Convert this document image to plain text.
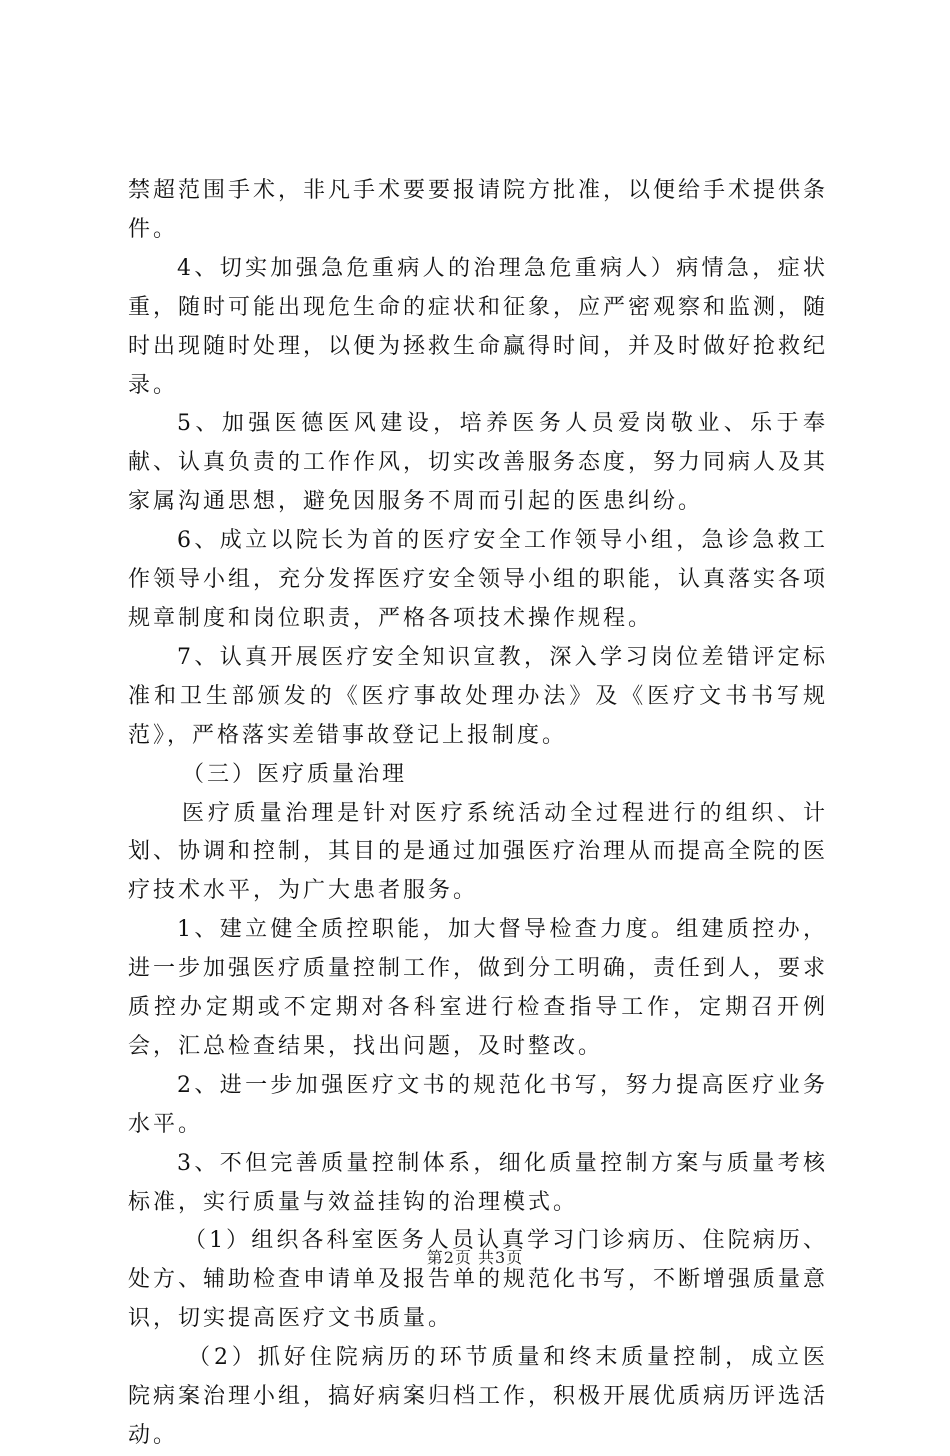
禁超范围手术，非凡手术要要报请院方批准，以便给手术提供条件。

4、切实加强急危重病人的治理急危重病人）病情急，症状重，随时可能出现危生命的症状和征象，应严密观察和监测，随时出现随时处理，以便为拯救生命赢得时间，并及时做好抢救纪录。

5、加强医德医风建设，培养医务人员爱岗敬业、乐于奉献、认真负责的工作作风，切实改善服务态度，努力同病人及其家属沟通思想，避免因服务不周而引起的医患纠纷。

6、成立以院长为首的医疗安全工作领导小组，急诊急救工作领导小组，充分发挥医疗安全领导小组的职能，认真落实各项规章制度和岗位职责，严格各项技术操作规程。

7、认真开展医疗安全知识宣教，深入学习岗位差错评定标准和卫生部颁发的《医疗事故处理办法》及《医疗文书书写规范》，严格落实差错事故登记上报制度。

（三）医疗质量治理

医疗质量治理是针对医疗系统活动全过程进行的组织、计划、协调和控制，其目的是通过加强医疗治理从而提高全院的医疗技术水平，为广大患者服务。

1、建立健全质控职能，加大督导检查力度。组建质控办，进一步加强医疗质量控制工作，做到分工明确，责任到人，要求质控办定期或不定期对各科室进行检查指导工作，定期召开例会，汇总检查结果，找出问题，及时整改。

2、进一步加强医疗文书的规范化书写，努力提高医疗业务水平。

3、不但完善质量控制体系，细化质量控制方案与质量考核标准，实行质量与效益挂钩的治理模式。

（1）组织各科室医务人员认真学习门诊病历、住院病历、处方、辅助检查申请单及报告单的规范化书写，不断增强质量意识，切实提高医疗文书质量。

（2）抓好住院病历的环节质量和终末质量控制，成立医院病案治理小组，搞好病案归档工作，积极开展优质病历评选活动。

第2页 共3页
